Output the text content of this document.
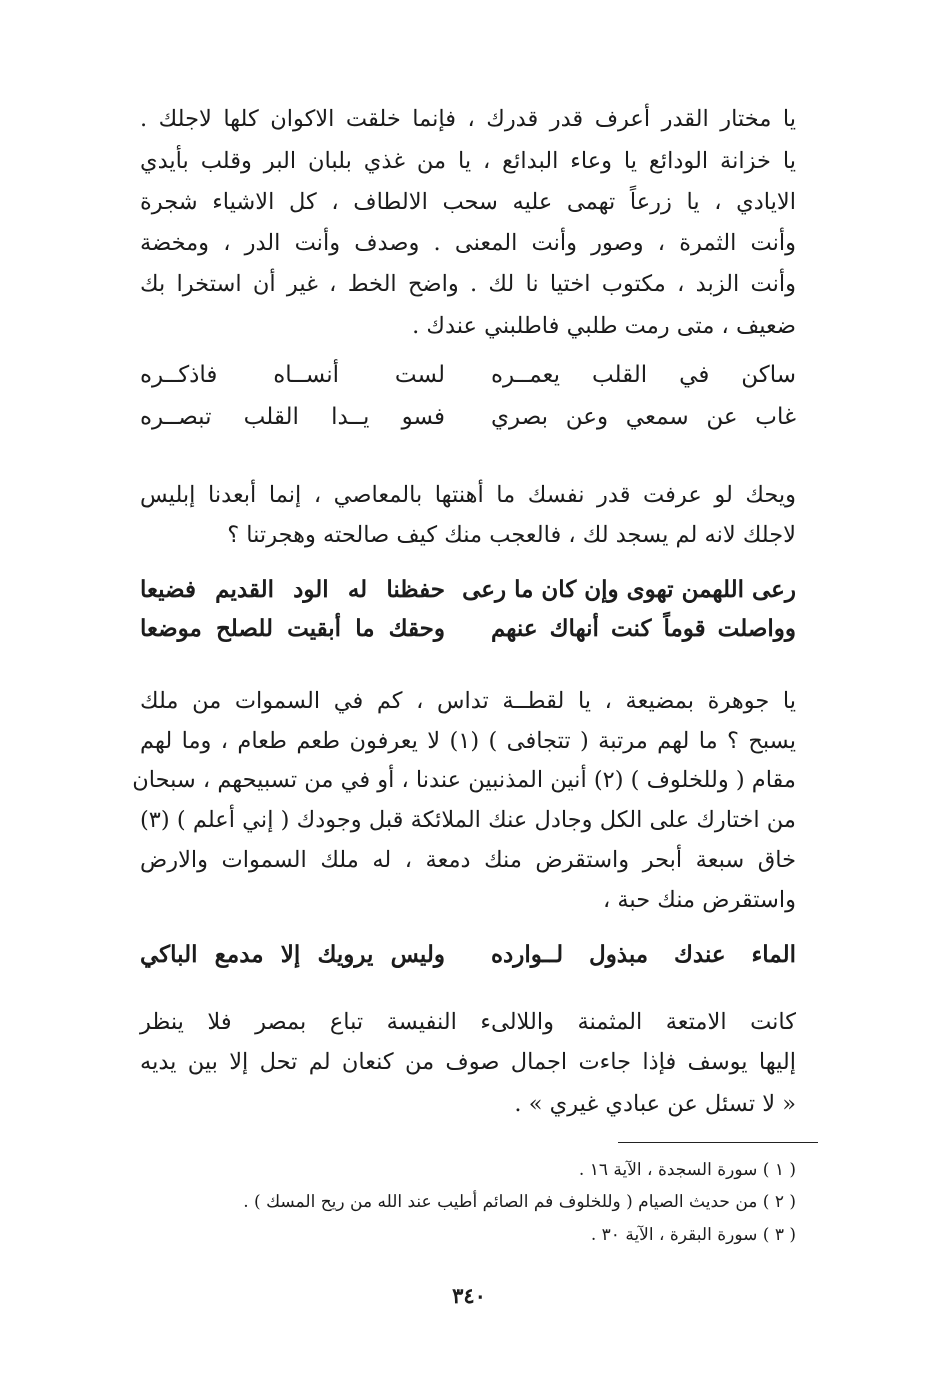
يا مختار القدر أعرف قدر قدرك ، فإنما خلقت الاكوان كلها لاجلك .
يا خزانة الودائع يا وعاء البدائع ، يا من غذي بلبان البر وقلب بأيدي
الايادي ، يا زرعاً تهمى عليه سحب الالطاف ، كل الاشياء شجرة
وأنت الثمرة ، وصور وأنت المعنى . وصدف وأنت الدر ، ومخضة
وأنت الزبد ، مكتوب اختيا نا لك . واضح الخط ، غير أن استخرا بك
ضعيف ، متى رمت طلبي فاطلبني عندك .
ساكن في القلب يعمــره
لست أنســاه فاذكــره
غاب عن سمعي وعن بصري
فسو يــدا القلب تبصــره
ويحك لو عرفت قدر نفسك ما أهنتها بالمعاصي ، إنما أبعدنا إبليس
لاجلك لانه لم يسجد لك ، فالعجب منك كيف صالحته وهجرتنا ؟
رعى اللهمن تهوى وإن كان ما رعى
حفظنا له الود القديم فضيعا
وواصلت قوماً كنت أنهاك عنهم
وحقك ما أبقيت للصلح موضعا
يا جوهرة بمضيعة ، يا لقطــة تداس ، كم في السموات من ملك
يسبح ؟ ما لهم مرتبة ( تتجافى ) (١) لا يعرفون طعم طعام ، وما لهم
مقام ( وللخلوف ) (٢) أنين المذنبين عندنا ، أو في من تسبيحهم ، سبحان
من اختارك على الكل وجادل عنك الملائكة قبل وجودك ( إني أعلم ) (٣)
خاق سبعة أبحر واستقرض منك دمعة ، له ملك السموات والارض
واستقرض منك حبة ،
الماء عندك مبذول لــوارده
وليس يرويك إلا مدمع الباكي
كانت الامتعة المثمنة واللالىء النفيسة تباع بمصر فلا ينظر
إليها يوسف فإذا جاءت اجمال صوف من كنعان لم تحل إلا بين يديه
« لا تسئل عن عبادي غيري » .
( ١ ) سورة السجدة ، الآية ١٦ .
( ٢ ) من حديث الصيام ( وللخلوف فم الصائم أطيب عند الله من ريح المسك ) .
( ٣ ) سورة البقرة ، الآية ٣٠ .
٣٤٠
